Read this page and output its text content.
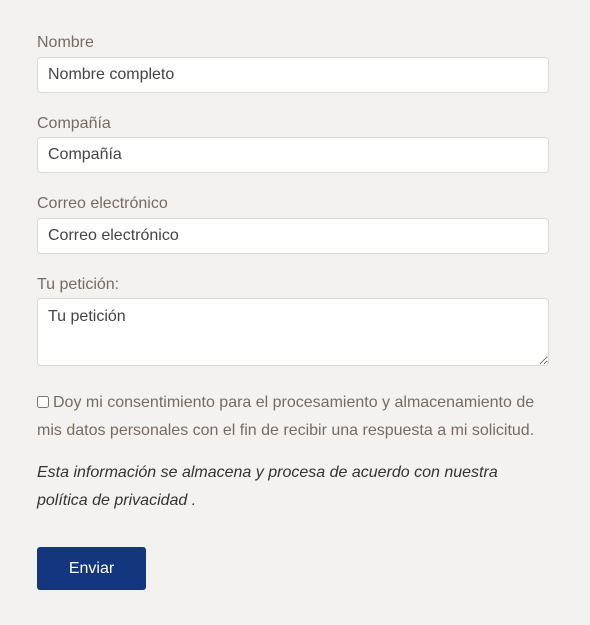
Nombre
Nombre completo
Compañía
Compañía
Correo electrónico
Correo electrónico
Tu petición:
Tu petición
Doy mi consentimiento para el procesamiento y almacenamiento de mis datos personales con el fin de recibir una respuesta a mi solicitud.
Esta información se almacena y procesa de acuerdo con nuestra política de privacidad .
Enviar
